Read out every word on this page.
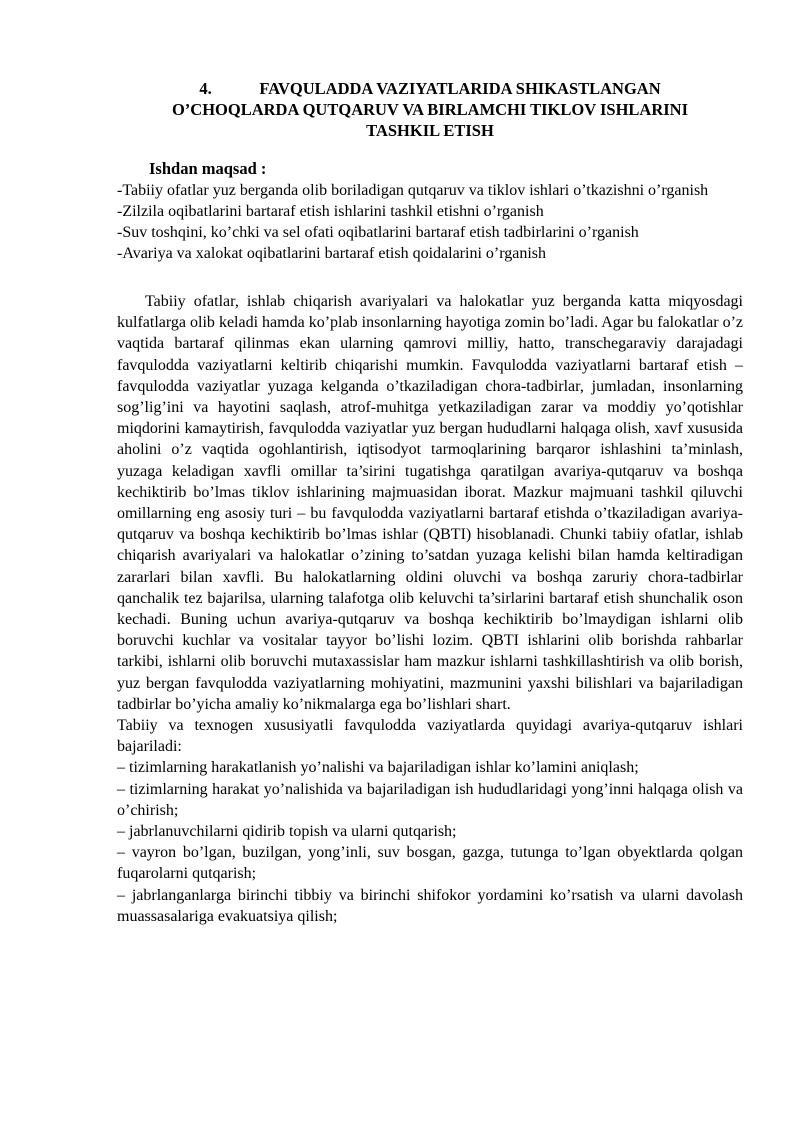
4.	FAVQULADDA VAZIYATLARIDA SHIKASTLANGAN
O’CHOQLARDA QUTQARUV VA BIRLAMCHI TIKLOV ISHLARINI
TASHKIL ETISH
Ishdan maqsad :

-Tabiiy ofatlar yuz berganda olib boriladigan qutqaruv va tiklov ishlari o’tkazishni o’rganish

-Zilzila oqibatlarini bartaraf etish ishlarini tashkil etishni o’rganish

-Suv toshqini, ko’chki va sel ofati oqibatlarini bartaraf etish tadbirlarini o’rganish

-Avariya va xalokat oqibatlarini bartaraf etish qoidalarini o’rganish

Tabiiy ofatlar, ishlab chiqarish avariyalari va halokatlar yuz berganda katta miqyosdagi kulfatlarga olib keladi hamda ko’plab insonlarning hayotiga zomin bo’ladi. Agar bu falokatlar o’z vaqtida bartaraf qilinmas ekan ularning qamrovi milliy, hatto, transchegaraviy darajadagi favqulodda vaziyatlarni keltirib chiqarishi mumkin. Favqulodda vaziyatlarni bartaraf etish – favqulodda vaziyatlar yuzaga kelganda o’tkaziladigan chora-tadbirlar, jumladan, insonlarning sog’lig’ini va hayotini saqlash, atrof-muhitga yetkaziladigan zarar va moddiy yo’qotishlar miqdorini kamaytirish, favqulodda vaziyatlar yuz bergan hududlarni halqaga olish, xavf xususida aholini o’z vaqtida ogohlantirish, iqtisodyot tarmoqlarining barqaror ishlashini ta’minlash, yuzaga keladigan xavfli omillar ta’sirini tugatishga qaratilgan avariya-qutqaruv va boshqa kechiktirib bo’lmas tiklov ishlarining majmuasidan iborat. Mazkur majmuani tashkil qiluvchi omillarning eng asosiy turi – bu favqulodda vaziyatlarni bartaraf etishda o’tkaziladigan avariya-qutqaruv va boshqa kechiktirib bo’lmas ishlar (QBTI) hisoblanadi. Chunki tabiiy ofatlar, ishlab chiqarish avariyalari va halokatlar o’zining to’satdan yuzaga kelishi bilan hamda keltiradigan zararlari bilan xavfli. Bu halokatlarning oldini oluvchi va boshqa zaruriy chora-tadbirlar qanchalik tez bajarilsa, ularning talafotga olib keluvchi ta’sirlarini bartaraf etish shunchalik oson kechadi. Buning uchun avariya-qutqaruv va boshqa kechiktirib bo’lmaydigan ishlarni olib boruvchi kuchlar va vositalar tayyor bo’lishi lozim. QBTI ishlarini olib borishda rahbarlar tarkibi, ishlarni olib boruvchi mutaxassislar ham mazkur ishlarni tashkillashtirish va olib borish, yuz bergan favqulodda vaziyatlarning mohiyatini, mazmunini yaxshi bilishlari va bajariladigan tadbirlar bo’yicha amaliy ko’nikmalarga ega bo’lishlari shart.

Tabiiy va texnogen xususiyatli favqulodda vaziyatlarda quyidagi avariya-qutqaruv ishlari bajariladi:

– tizimlarning harakatlanish yo’nalishi va bajariladigan ishlar ko’lamini aniqlash;

– tizimlarning harakat yo’nalishida va bajariladigan ish hududlaridagi yong’inni halqaga olish va o’chirish;

– jabrlanuvchilarni qidirib topish va ularni qutqarish;

– vayron bo’lgan, buzilgan, yong’inli, suv bosgan, gazga, tutunga to’lgan obyektlarda qolgan fuqarolarni qutqarish;

– jabrlanganlarga birinchi tibbiy va birinchi shifokor yordamini ko’rsatish va ularni davolash muassasalariga evakuatsiya qilish;
